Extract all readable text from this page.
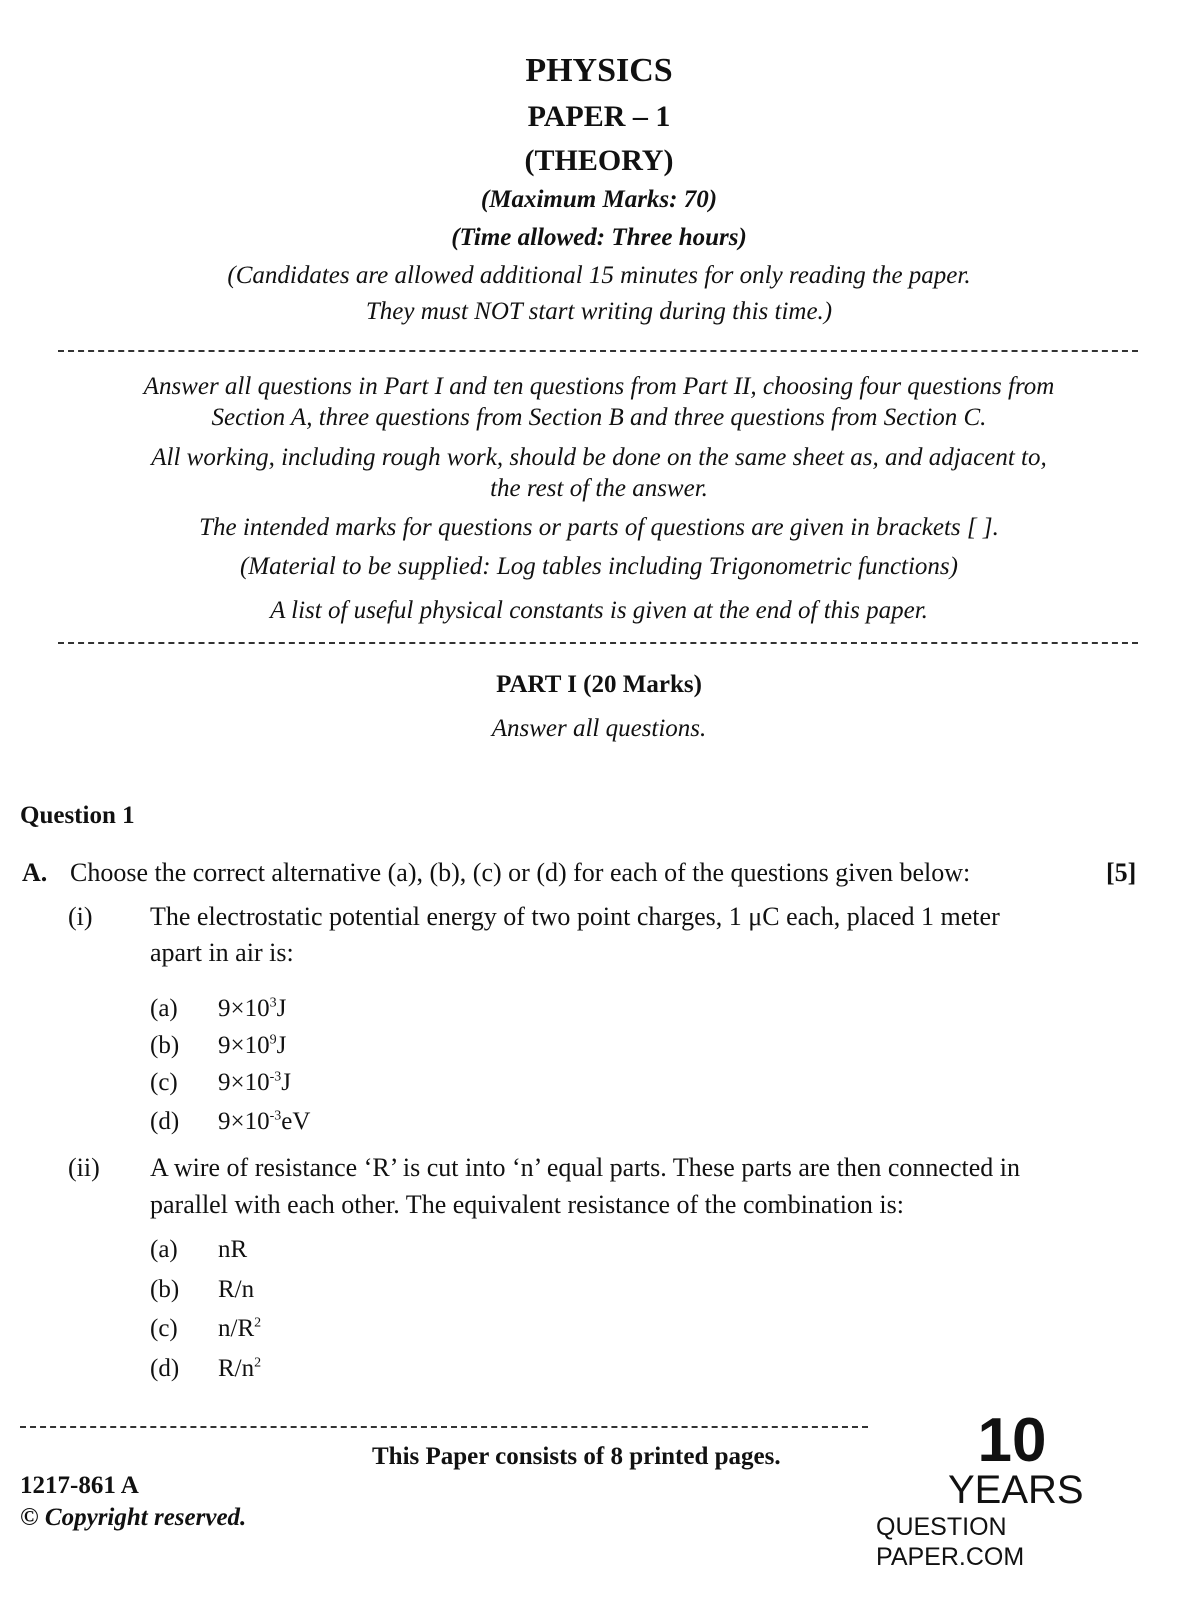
PHYSICS
PAPER – 1
(THEORY)
(Maximum Marks: 70)
(Time allowed: Three hours)
(Candidates are allowed additional 15 minutes for only reading the paper.
They must NOT start writing during this time.)
Answer all questions in Part I and ten questions from Part II, choosing four questions from
Section A, three questions from Section B and three questions from Section C.
All working, including rough work, should be done on the same sheet as, and adjacent to,
the rest of the answer.
The intended marks for questions or parts of questions are given in brackets [ ].
(Material to be supplied: Log tables including Trigonometric functions)
A list of useful physical constants is given at the end of this paper.
PART I (20 Marks)
Answer all questions.
Question 1
A. Choose the correct alternative (a), (b), (c) or (d) for each of the questions given below:	[5]
(i) The electrostatic potential energy of two point charges, 1 μC each, placed 1 meter
apart in air is:
(a) $9\times 10^3J$
(b) $9\times 10^9J$
(c) $9\times 10^{-3}J$
(d) $9\times 10^{-3}eV$
(ii) A wire of resistance ‘R’ is cut into ‘n’ equal parts. These parts are then connected in
parallel with each other. The equivalent resistance of the combination is:
(a) nR
(b) R/n
(c) $n/R^2$
(d) $R/n^2$
This Paper consists of 8 printed pages.
1217-861 A
© Copyright reserved.
10
YEARS
QUESTION PAPER.COM
